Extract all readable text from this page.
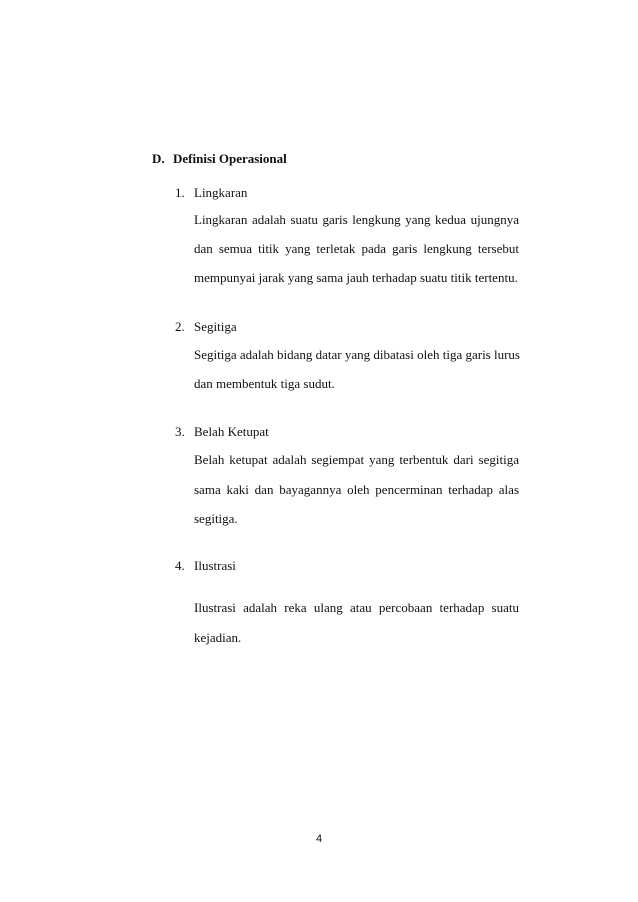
D. Definisi Operasional
1. Lingkaran
Lingkaran adalah suatu garis lengkung yang kedua ujungnya
dan semua titik yang terletak pada garis lengkung tersebut
mempunyai jarak yang sama jauh terhadap suatu titik tertentu.
2. Segitiga
Segitiga adalah bidang datar yang dibatasi oleh tiga garis lurus
dan membentuk tiga sudut.
3. Belah Ketupat
Belah ketupat adalah segiempat yang terbentuk dari segitiga
sama kaki dan bayagannya oleh pencerminan terhadap alas
segitiga.
4. Ilustrasi
Ilustrasi adalah reka ulang atau percobaan terhadap suatu
kejadian.
4
